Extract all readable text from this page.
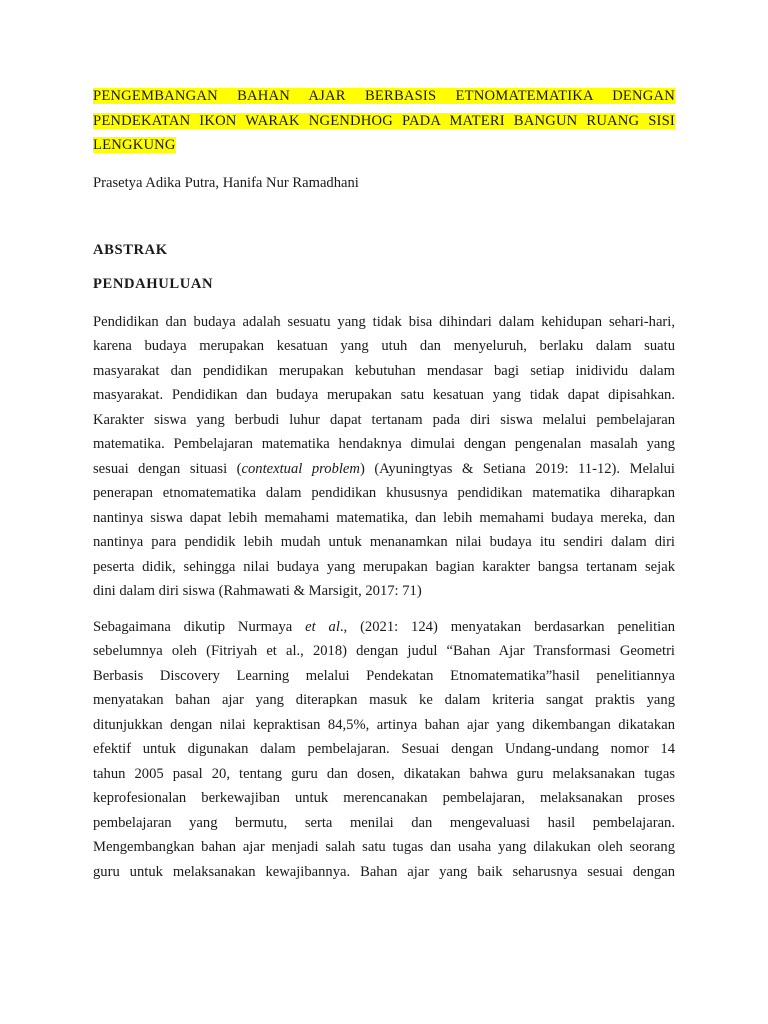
PENGEMBANGAN BAHAN AJAR BERBASIS ETNOMATEMATIKA DENGAN PENDEKATAN IKON WARAK NGENDHOG PADA MATERI BANGUN RUANG SISI LENGKUNG

Prasetya Adika Putra, Hanifa Nur Ramadhani

ABSTRAK

PENDAHULUAN

Pendidikan dan budaya adalah sesuatu yang tidak bisa dihindari dalam kehidupan sehari-hari,
karena budaya merupakan kesatuan yang utuh dan menyeluruh, berlaku dalam suatu
masyarakat dan pendidikan merupakan kebutuhan mendasar bagi setiap inidividu dalam
masyarakat. Pendidikan dan budaya merupakan satu kesatuan yang tidak dapat dipisahkan.
Karakter siswa yang berbudi luhur dapat tertanam pada diri siswa melalui pembelajaran
matematika. Pembelajaran matematika hendaknya dimulai dengan pengenalan masalah yang
sesuai dengan situasi (contextual problem) (Ayuningtyas & Setiana 2019: 11-12). Melalui
penerapan etnomatematika dalam pendidikan khususnya pendidikan matematika diharapkan
nantinya siswa dapat lebih memahami matematika, dan lebih memahami budaya mereka, dan
nantinya para pendidik lebih mudah untuk menanamkan nilai budaya itu sendiri dalam diri
peserta didik, sehingga nilai budaya yang merupakan bagian karakter bangsa tertanam sejak
dini dalam diri siswa (Rahmawati & Marsigit, 2017: 71)
Sebagaimana dikutip Nurmaya et al., (2021: 124) menyatakan berdasarkan penelitian
sebelumnya oleh (Fitriyah et al., 2018) dengan judul “Bahan Ajar Transformasi Geometri
Berbasis Discovery Learning melalui Pendekatan Etnomatematika”hasil penelitiannya
menyatakan bahan ajar yang diterapkan masuk ke dalam kriteria sangat praktis yang
ditunjukkan dengan nilai kepraktisan 84,5%, artinya bahan ajar yang dikembangan dikatakan
efektif untuk digunakan dalam pembelajaran. Sesuai dengan Undang-undang nomor 14
tahun 2005 pasal 20, tentang guru dan dosen, dikatakan bahwa guru melaksanakan tugas
keprofesionalan berkewajiban untuk merencanakan pembelajaran, melaksanakan proses
pembelajaran yang bermutu, serta menilai dan mengevaluasi hasil pembelajaran.
Mengembangkan bahan ajar menjadi salah satu tugas dan usaha yang dilakukan oleh seorang
guru untuk melaksanakan kewajibannya. Bahan ajar yang baik seharusnya sesuai dengan
